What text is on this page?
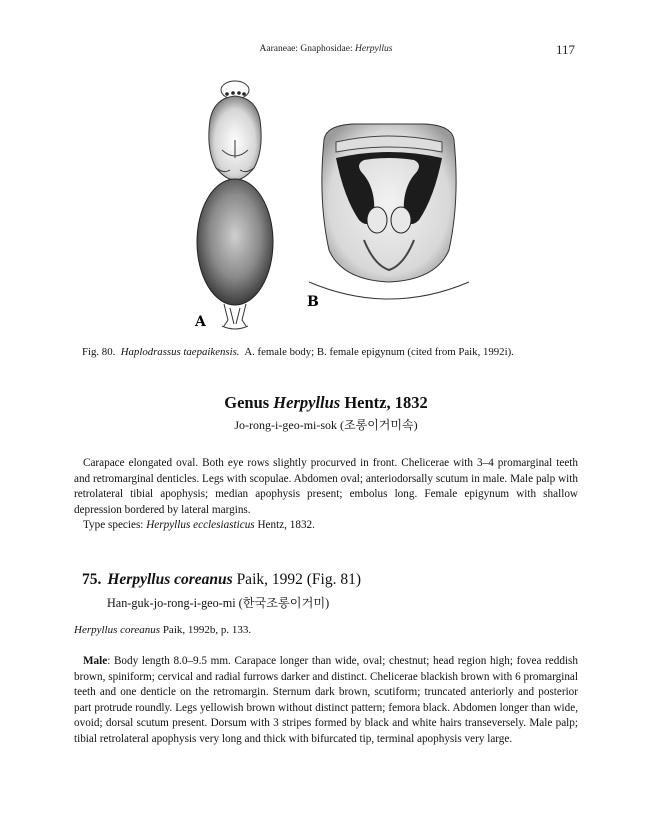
Aaraneae: Gnaphosidae: Herpyllus	117
A
B
Fig. 80. Haplodrassus taepaikensis. A. female body; B. female epigynum (cited from Paik, 1992i).
Genus Herpyllus Hentz, 1832
Jo-rong-i-geo-mi-sok (조롱이거미속)

Carapace elongated oval. Both eye rows slightly procurved in front. Chelicerae with 3–4 promarginal teeth and retromarginal denticles. Legs with scopulae. Abdomen oval; anteriodorsally scutum in male. Male palp with retrolateral tibial apophysis; median apophysis present; embolus long. Female epigynum with shallow depression bordered by lateral margins.

Type species: Herpyllus ecclesiasticus Hentz, 1832.

75. Herpyllus coreanus Paik, 1992 (Fig. 81)
Han-guk-jo-rong-i-geo-mi (한국조롱이거미)
Herpyllus coreanus Paik, 1992b, p. 133.

Male: Body length 8.0–9.5 mm. Carapace longer than wide, oval; chestnut; head region high; fovea reddish brown, spiniform; cervical and radial furrows darker and distinct. Chelicerae blackish brown with 6 promarginal teeth and one denticle on the retromargin. Sternum dark brown, scutiform; truncated anteriorly and posterior part protrude roundly. Legs yellowish brown without distinct pattern; femora black. Abdomen longer than wide, ovoid; dorsal scutum present. Dorsum with 3 stripes formed by black and white hairs transeversely. Male palp; tibial retrolateral apophysis very long and thick with bifurcated tip, terminal apophysis very large.
